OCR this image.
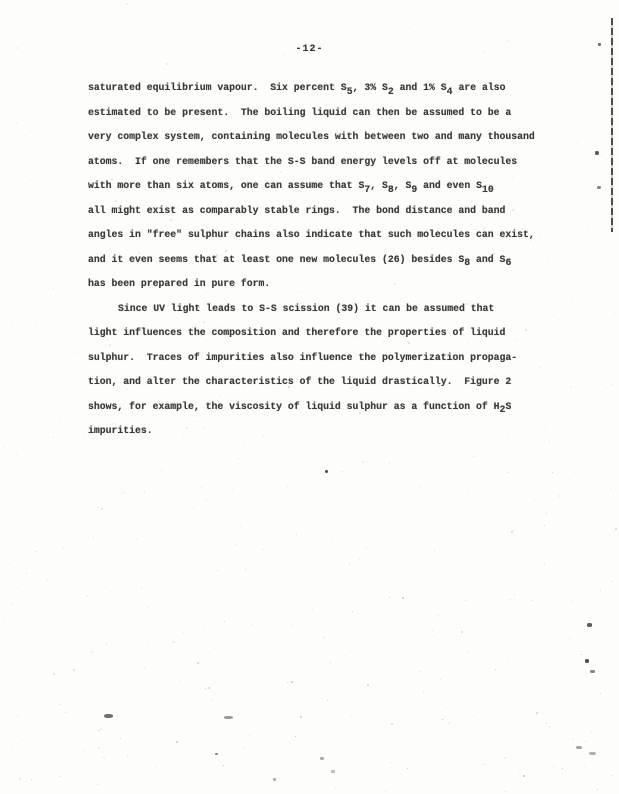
-12-
saturated equilibrium vapour.  Six percent S5, 3% S2 and 1% S4 are also
estimated to be present.  The boiling liquid can then be assumed to be a
very complex system, containing molecules with between two and many thousand
atoms.  If one remembers that the S-S band energy levels off at molecules
with more than six atoms, one can assume that S7, S8, S9 and even S10
all might exist as comparably stable rings.  The bond distance and band
angles in "free" sulphur chains also indicate that such molecules can exist,
and it even seems that at least one new molecules (26) besides S8 and S6
has been prepared in pure form.
Since UV light leads to S-S scission (39) it can be assumed that
light influences the composition and therefore the properties of liquid
sulphur.  Traces of impurities also influence the polymerization propaga-
tion, and alter the characteristics of the liquid drastically.  Figure 2
shows, for example, the viscosity of liquid sulphur as a function of H2S
impurities.
